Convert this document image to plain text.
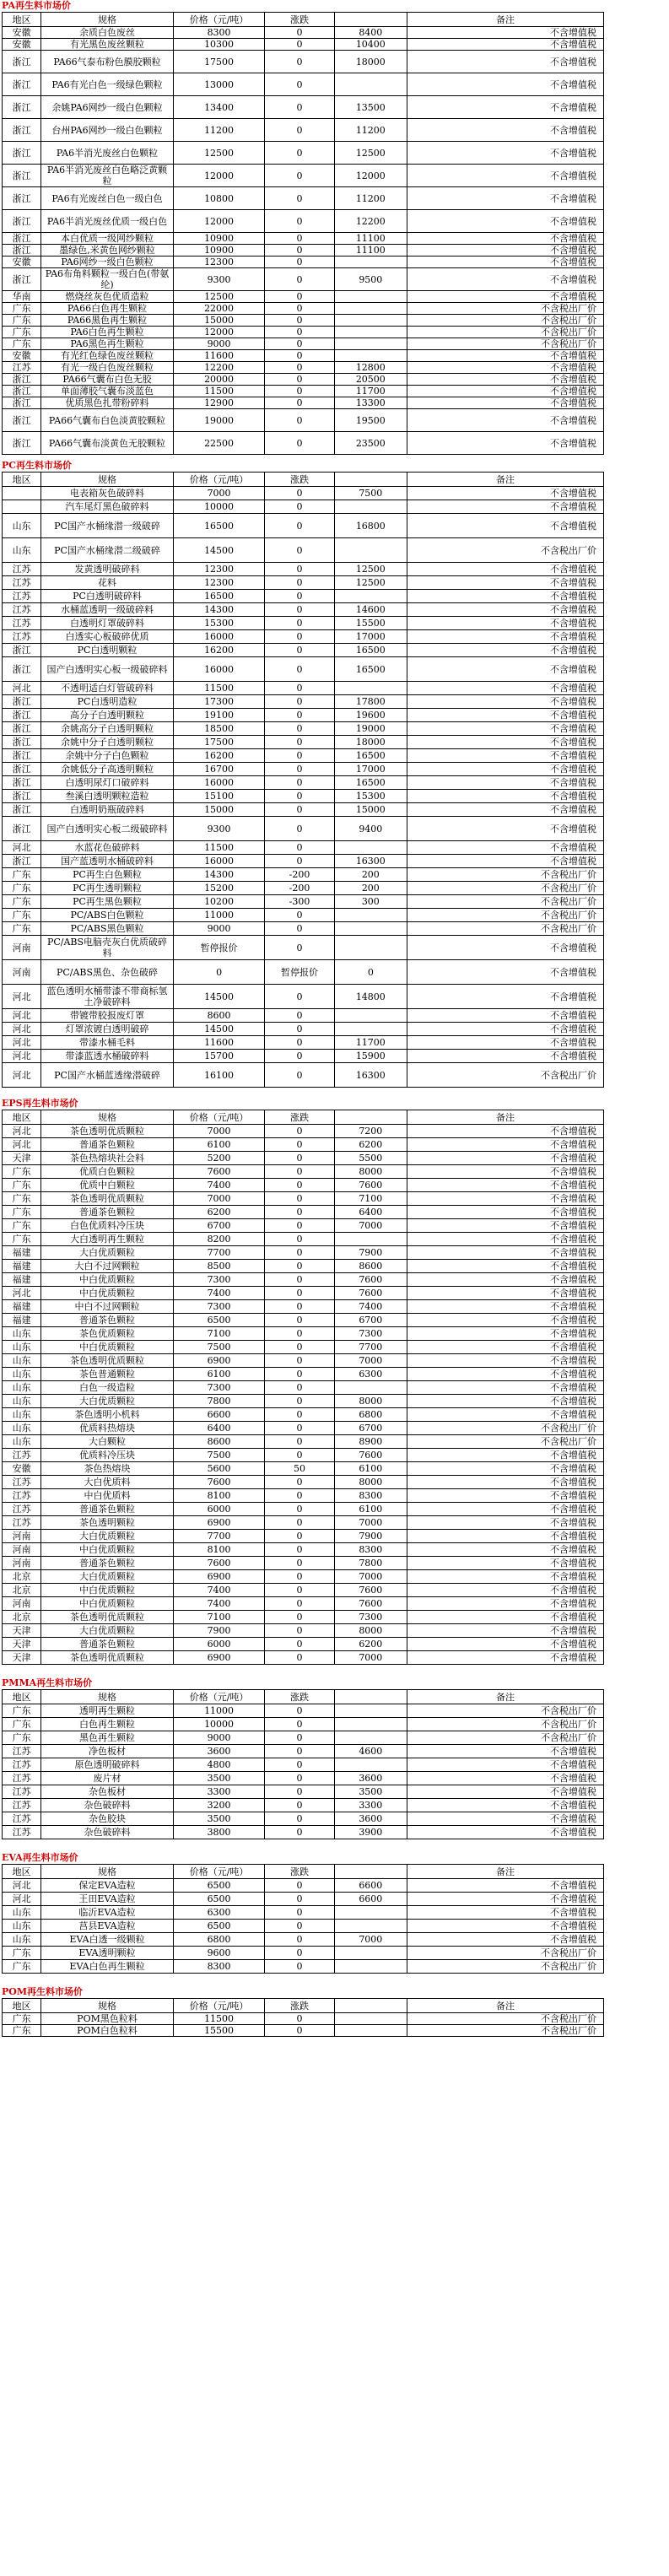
PA再生料市场价
地区	规格	价格（元/吨）	涨跌		备注
安徽	余质白色废丝	8300	0	8400	不含增值税
安徽	有光黑色废丝颗粒	10300	0	10400	不含增值税
浙江	PA66气泰布粉色膜胶颗粒	17500	0	18000	不含增值税
浙江	PA6有光白色一级绿色颗粒	13000	0		不含增值税
浙江	余姚PA6网纱一级白色颗粒	13400	0	13500	不含增值税
浙江	台州PA6网纱一级白色颗粒	11200	0	11200	不含增值税
浙江	PA6半消光废丝白色颗粒	12500	0	12500	不含增值税
浙江	PA6半消光废丝白色略泛黄颗粒	12000	0	12000	不含增值税
浙江	PA6有光废丝白色一级白色	10800	0	11200	不含增值税
浙江	PA6半消光废丝优质一级白色	12000	0	12200	不含增值税
浙江	本白优质一级网纱颗粒	10900	0	11100	不含增值税
浙江	墨绿色,米黄色网纱颗粒	10900	0	11100	不含增值税
安徽	PA6网纱一级白色颗粒	12300	0		不含增值税
浙江	PA6布角料颗粒一级白色(带氨纶)	9300	0	9500	不含增值税
华南	燃烧丝灰色优质造粒	12500	0		不含增值税
广东	PA66白色再生颗粒	22000	0		不含税出厂价
广东	PA66黑色再生颗粒	15000	0		不含税出厂价
广东	PA6白色再生颗粒	12000	0		不含税出厂价
广东	PA6黑色再生颗粒	9000	0		不含税出厂价
安徽	有光红色绿色废丝颗粒	11600	0		不含增值税
江苏	有光一级白色废丝颗粒	12200	0	12800	不含增值税
浙江	PA66气囊布白色无胶	20000	0	20500	不含增值税
浙江	单面薄胶气囊布淡蓝色	11500	0	11700	不含增值税
浙江	优质黑色扎带粉碎料	12900	0	13300	不含增值税
浙江	PA66气囊布白色淡黄胶颗粒	19000	0	19500	不含增值税
浙江	PA66气囊布淡黄色无胶颗粒	22500	0	23500	不含增值税
PC再生料市场价
地区	规格	价格（元/吨）	涨跌		备注
	电表箱灰色破碎料	7000	0	7500	不含增值税
	汽车尾灯黑色破碎料	10000	0		不含增值税
山东	PC国产水桶缘潜一级破碎	16500	0	16800	不含增值税
山东	PC国产水桶缘潜二级破碎	14500	0		不含税出厂价
江苏	发黄透明破碎料	12300	0	12500	不含增值税
江苏	花料	12300	0	12500	不含增值税
江苏	PC白透明破碎料	16500	0		不含增值税
江苏	水桶蓝透明一级破碎料	14300	0	14600	不含增值税
江苏	白透明灯罩破碎料	15300	0	15500	不含增值税
江苏	白透实心板破碎优质	16000	0	17000	不含增值税
浙江	PC白透明颗粒	16200	0	16500	不含增值税
浙江	国产白透明实心板一级破碎料	16000	0	16500	不含增值税
河北	不透明适白灯管破碎料	11500	0		不含增值税
浙江	PC白透明造粒	17300	0	17800	不含增值税
浙江	高分子白透明颗粒	19100	0	19600	不含增值税
浙江	余姚高分子白透明颗粒	18500	0	19000	不含增值税
浙江	余姚中分子白透明颗粒	17500	0	18000	不含增值税
浙江	余姚中分子白色颗粒	16200	0	16500	不含增值税
浙江	余姚低分子高透明颗粒	16700	0	17000	不含增值税
浙江	白透明尿灯口破碎料	16000	0	16500	不含增值税
浙江	叁溪白透明颗粒造粒	15100	0	15300	不含增值税
浙江	白透明奶瓶破碎料	15000	0	15000	不含增值税
浙江	国产白透明实心板二级破碎料	9300	0	9400	不含增值税
河北	水蓝花色破碎料	11500	0		不含增值税
浙江	国产蓝透明水桶破碎料	16000	0	16300	不含增值税
广东	PC再生白色颗粒	14300	-200	200	不含税出厂价
广东	PC再生透明颗粒	15200	-200	200	不含税出厂价
广东	PC再生黑色颗粒	10200	-300	300	不含税出厂价
广东	PC/ABS白色颗粒	11000	0		不含税出厂价
广东	PC/ABS黑色颗粒	9000	0		不含税出厂价
河南	PC/ABS电脑壳灰白优质破碎料	暂停报价	0		不含增值税
河南	PC/ABS黑色、杂色破碎	0	暂停报价	0	不含增值税
河北	蓝色透明水桶带漆不带商标氢土净破碎料	14500	0	14800	不含增值税
河北	带镀带胶报废灯罩	8600	0		不含增值税
河北	灯罩浓镀白透明破碎	14500	0		不含增值税
河北	带漆水桶毛料	11600	0	11700	不含增值税
河北	带漆蓝透水桶破碎料	15700	0	15900	不含增值税
河北	PC国产水桶蓝透缘潜破碎	16100	0	16300	不含税出厂价
EPS再生料市场价
地区	规格	价格（元/吨）	涨跌		备注
河北	茶色透明优质颗粒	7000	0	7200	不含增值税
河北	普通茶色颗粒	6100	0	6200	不含增值税
天津	茶色热熔块社会料	5200	0	5500	不含增值税
广东	优质白色颗粒	7600	0	8000	不含增值税
广东	优质中白颗粒	7400	0	7600	不含增值税
广东	茶色透明优质颗粒	7000	0	7100	不含增值税
广东	普通茶色颗粒	6200	0	6400	不含增值税
广东	白色优质料冷压块	6700	0	7000	不含增值税
广东	大白透明再生颗粒	8200	0		不含增值税
福建	大白优质颗粒	7700	0	7900	不含增值税
福建	大白不过网颗粒	8500	0	8600	不含增值税
福建	中白优质颗粒	7300	0	7600	不含增值税
河北	中白优质颗粒	7400	0	7600	不含增值税
福建	中白不过网颗粒	7300	0	7400	不含增值税
福建	普通茶色颗粒	6500	0	6700	不含增值税
山东	茶色优质颗粒	7100	0	7300	不含增值税
山东	中白优质颗粒	7500	0	7700	不含增值税
山东	茶色透明优质颗粒	6900	0	7000	不含增值税
山东	茶色普通颗粒	6100	0	6300	不含增值税
山东	白色一级造粒	7300	0		不含增值税
山东	大白优质颗粒	7800	0	8000	不含增值税
山东	茶色透明小机料	6600	0	6800	不含增值税
山东	优质料热熔块	6400	0	6700	不含税出厂价
山东	大白颗粒	8600	0	8900	不含税出厂价
江苏	优质料冷压块	7500	0	7600	不含增值税
安徽	茶色热熔块	5600	50	6100	不含增值税
江苏	大白优质料	7600	0	8000	不含增值税
江苏	中白优质料	8100	0	8300	不含增值税
江苏	普通茶色颗粒	6000	0	6100	不含增值税
江苏	茶色透明颗粒	6900	0	7000	不含增值税
河南	大白优质颗粒	7700	0	7900	不含增值税
河南	中白优质颗粒	8100	0	8300	不含增值税
河南	普通茶色颗粒	7600	0	7800	不含增值税
北京	大白优质颗粒	6900	0	7000	不含增值税
北京	中白优质颗粒	7400	0	7600	不含增值税
河南	中白优质颗粒	7400	0	7600	不含增值税
北京	茶色透明优质颗粒	7100	0	7300	不含增值税
天津	大白优质颗粒	7900	0	8000	不含增值税
天津	普通茶色颗粒	6000	0	6200	不含增值税
天津	茶色透明优质颗粒	6900	0	7000	不含增值税
PMMA再生料市场价
地区	规格	价格（元/吨）	涨跌		备注
广东	透明再生颗粒	11000	0		不含税出厂价
广东	白色再生颗粒	10000	0		不含税出厂价
广东	黑色再生颗粒	9000	0		不含税出厂价
江苏	净色板材	3600	0	4600	不含增值税
江苏	原色透明破碎料	4800	0		不含增值税
江苏	废片材	3500	0	3600	不含增值税
江苏	杂色板材	3300	0	3500	不含增值税
江苏	杂色破碎料	3200	0	3300	不含增值税
江苏	杂色胶块	3500	0	3600	不含增值税
江苏	杂色破碎料	3800	0	3900	不含增值税
EVA再生料市场价
地区	规格	价格（元/吨）	涨跌		备注
河北	保定EVA造粒	6500	0	6600	不含增值税
河北	王田EVA造粒	6500	0	6600	不含增值税
山东	临沂EVA造粒	6300	0		不含增值税
山东	莒县EVA造粒	6500	0		不含增值税
山东	EVA白透一级颗粒	6800	0	7000	不含增值税
广东	EVA透明颗粒	9600	0		不含税出厂价
广东	EVA白色再生颗粒	8300	0		不含税出厂价
POM再生料市场价
地区	规格	价格（元/吨）	涨跌		备注
广东	POM黑色粒料	11500	0		不含税出厂价
广东	POM白色粒料	15500	0		不含税出厂价
